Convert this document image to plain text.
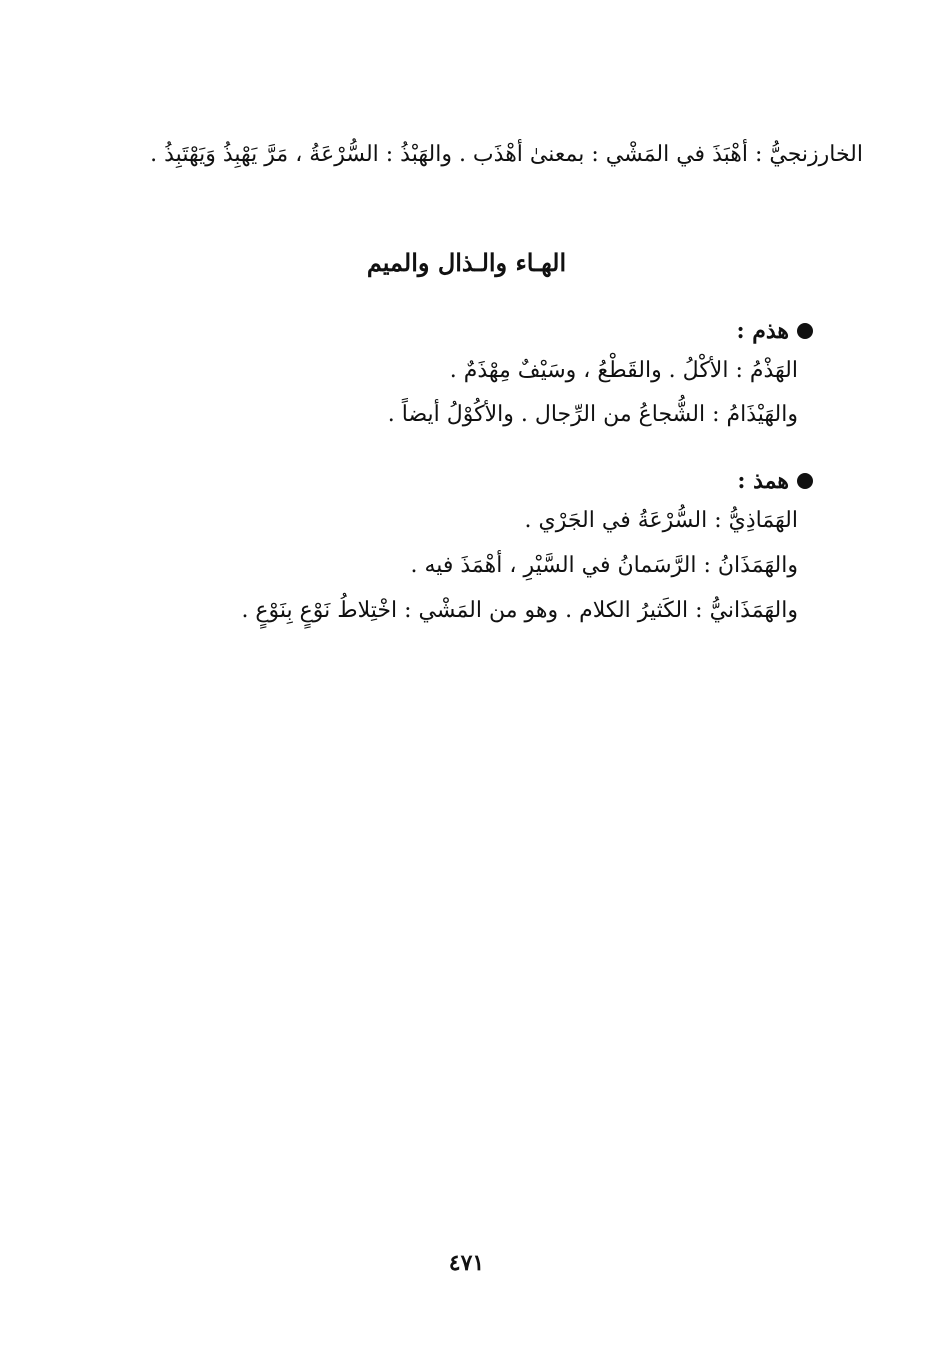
الخارزنجيُّ : أهْبَذَ في المَشْي : بمعنىٰ أهْذَب . والهَبْذُ : السُّرْعَةُ ، مَرَّ يَهْبِذُ وَيَهْتَبِذُ .
الهـاء والـذال والميم
هذم :
الهَذْمُ : الأكْلُ . والقَطْعُ ، وسَيْفٌ مِهْذَمٌ .
والهَيْذَامُ : الشُّجاعُ من الرِّجال . والأكُوْلُ أيضاً .
همذ :
الهَمَاذِيُّ : السُّرْعَةُ في الجَرْي .
والهَمَذَانُ : الرَّسَمانُ في السَّيْرِ ، أهْمَذَ فيه .
والهَمَذَانيُّ : الكَثيرُ الكلام . وهو من المَشْي : اخْتِلاطُ نَوْعٍ بِنَوْعٍ .
٤٧١
